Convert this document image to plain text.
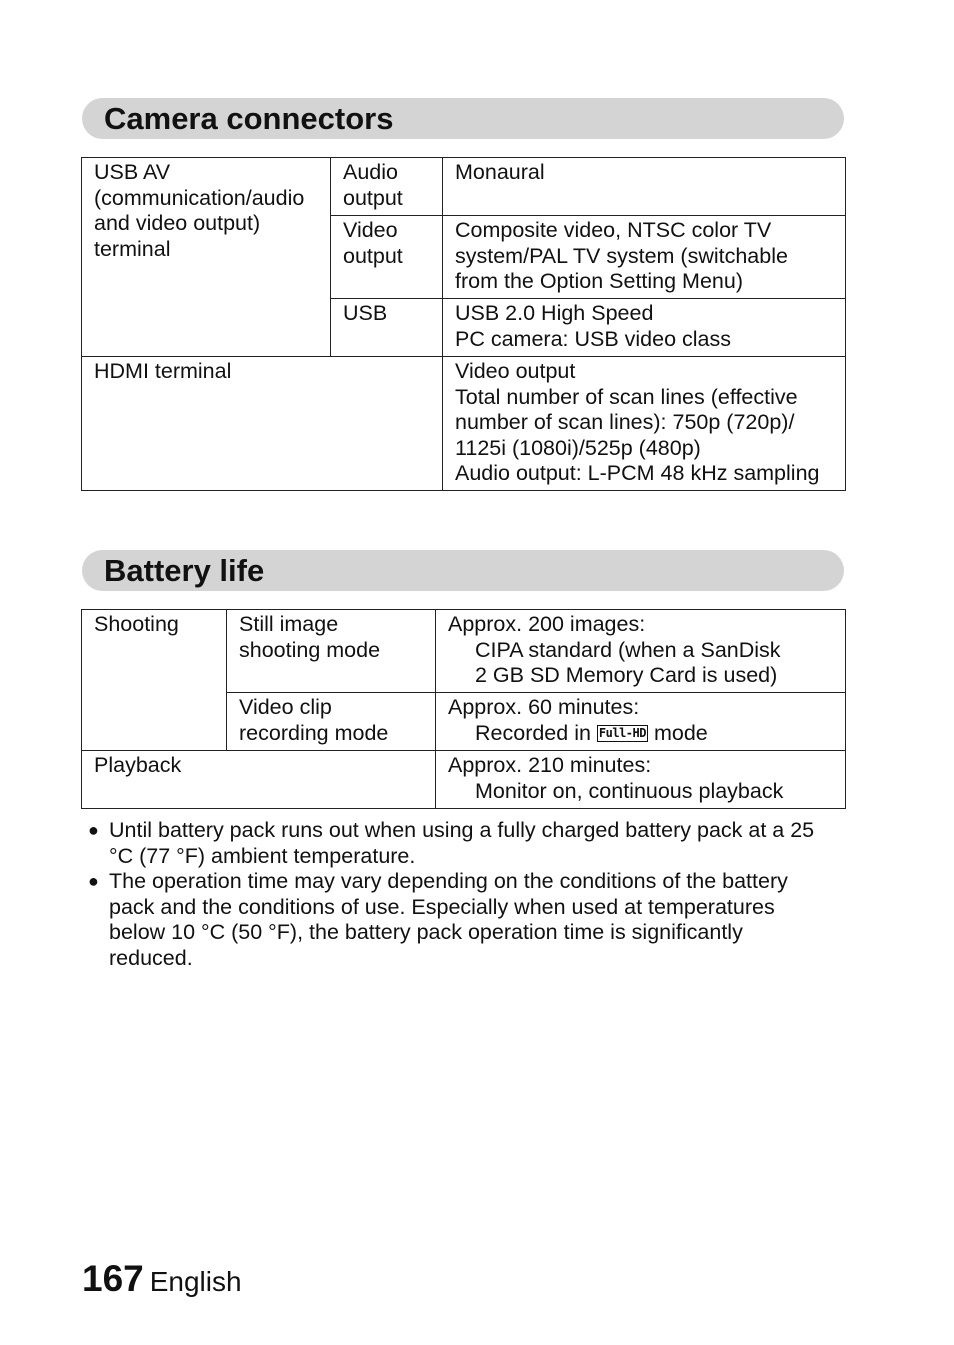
Camera connectors
USB AV
(communication/audio
and video output)
terminal	Audio
output	Monaural
	Video
output	Composite video, NTSC color TV
system/PAL TV system (switchable
from the Option Setting Menu)
	USB	USB 2.0 High Speed
PC camera: USB video class
HDMI terminal		Video output
Total number of scan lines (effective
number of scan lines): 750p (720p)/
1125i (1080i)/525p (480p)
Audio output: L-PCM 48 kHz sampling
Battery life
Shooting	Still image
shooting mode	Approx. 200 images:
CIPA standard (when a SanDisk
2 GB SD Memory Card is used)

	Video clip
recording mode	Approx. 60 minutes:
Recorded in Full-HD mode

Playback		Approx. 210 minutes:
Monitor on, continuous playback
● Until battery pack runs out when using a fully charged battery pack at a 25 °C (77 °F) ambient temperature.
● The operation time may vary depending on the conditions of the battery pack and the conditions of use. Especially when used at temperatures below 10 °C (50 °F), the battery pack operation time is significantly reduced.
167 English
